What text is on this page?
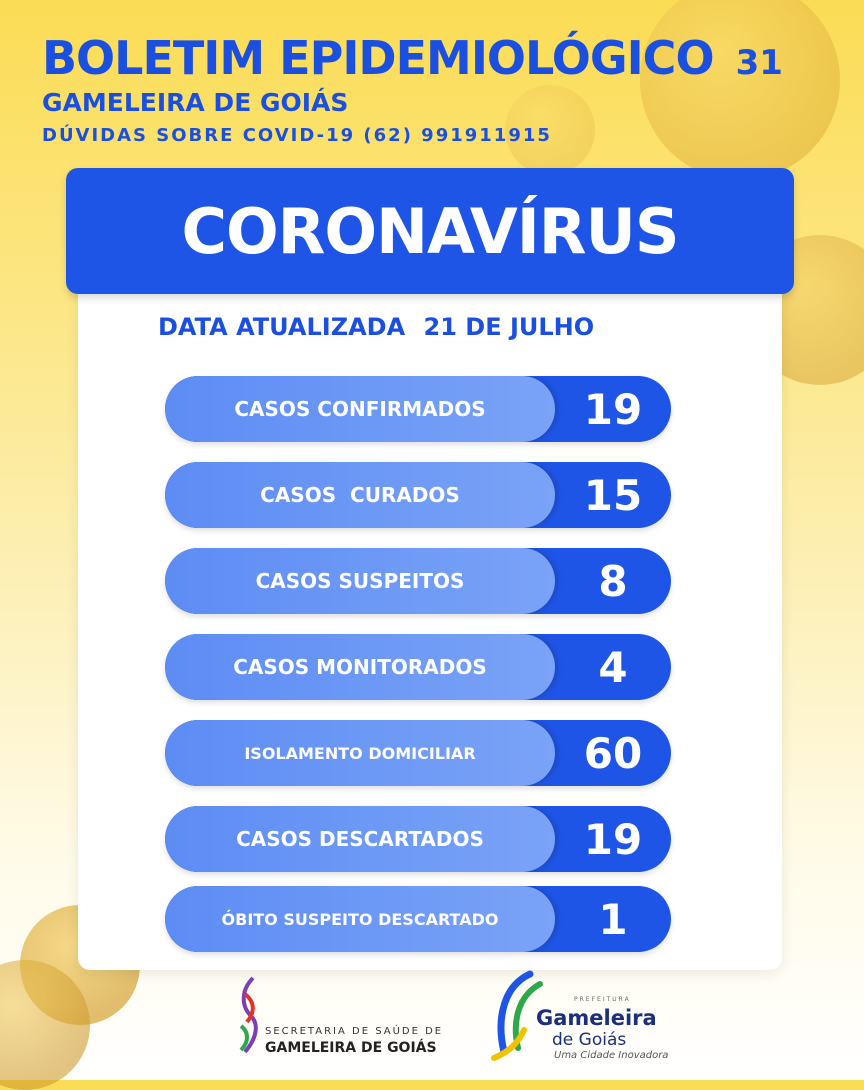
BOLETIM EPIDEMIOLÓGICO 31
GAMELEIRA DE GOIÁS
DÚVIDAS SOBRE COVID-19 (62) 991911915
CORONAVÍRUS
DATA ATUALIZADA 21 DE JULHO
CASOS CONFIRMADOS	19
CASOS  CURADOS	15
CASOS SUSPEITOS	8
CASOS MONITORADOS	4
ISOLAMENTO DOMICILIAR	60
CASOS DESCARTADOS	19
ÓBITO SUSPEITO DESCARTADO	1
SECRETARIA DE SAÚDE DE
GAMELEIRA DE GOIÁS
PREFEITURA
Gameleira
de Goiás
Uma Cidade Inovadora
